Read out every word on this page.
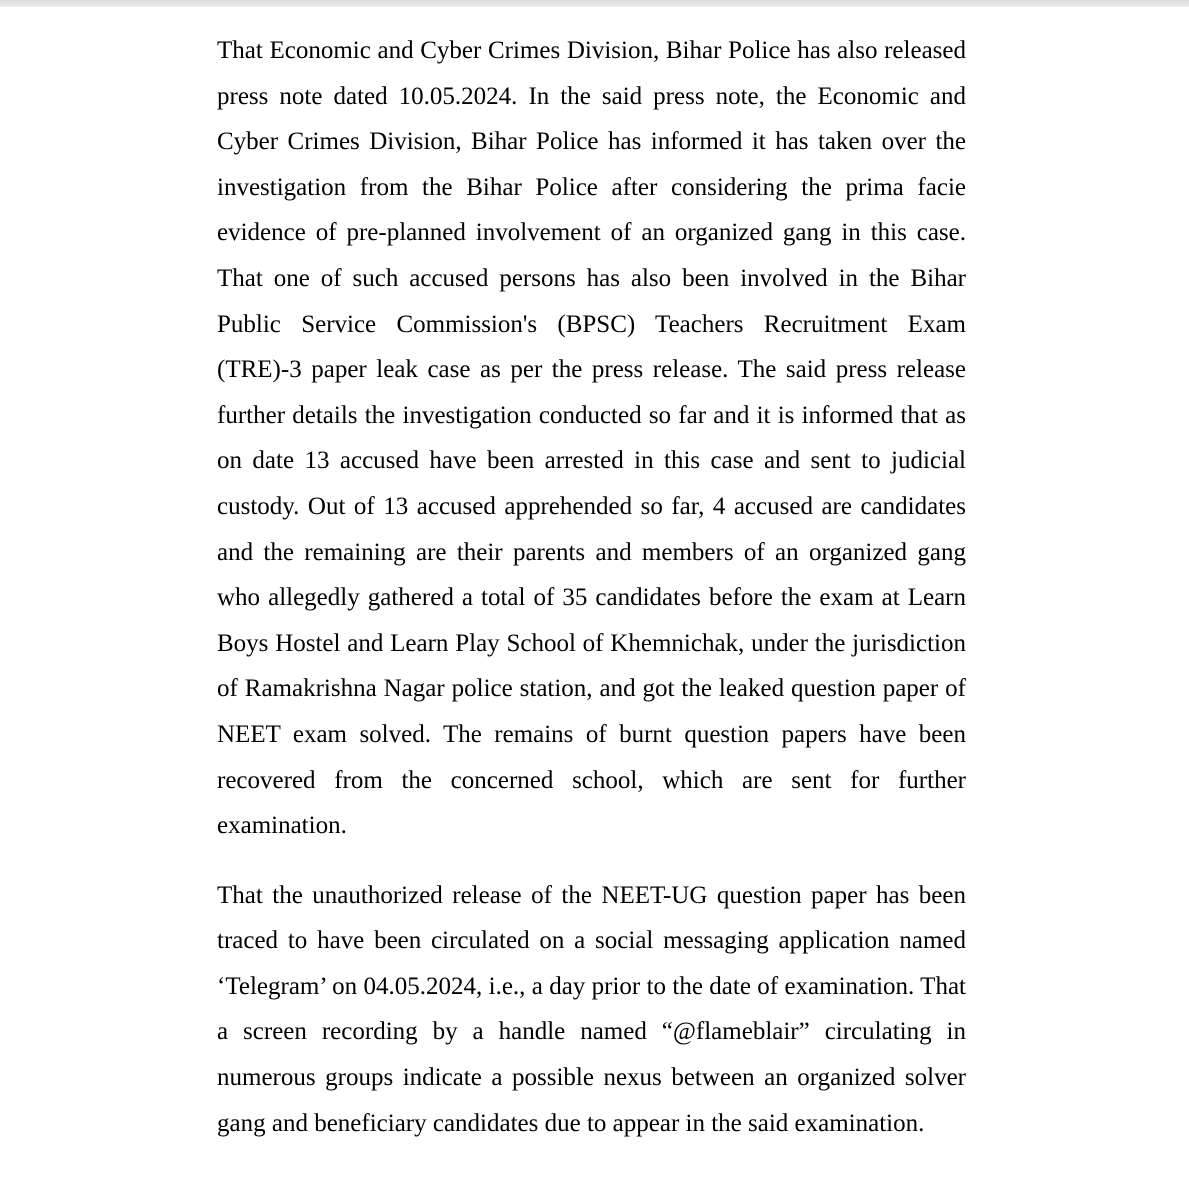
That Economic and Cyber Crimes Division, Bihar Police has also released press note dated 10.05.2024. In the said press note, the Economic and Cyber Crimes Division, Bihar Police has informed it has taken over the investigation from the Bihar Police after considering the prima facie evidence of pre-planned involvement of an organized gang in this case. That one of such accused persons has also been involved in the Bihar Public Service Commission's (BPSC) Teachers Recruitment Exam (TRE)-3 paper leak case as per the press release. The said press release further details the investigation conducted so far and it is informed that as on date 13 accused have been arrested in this case and sent to judicial custody. Out of 13 accused apprehended so far, 4 accused are candidates and the remaining are their parents and members of an organized gang who allegedly gathered a total of 35 candidates before the exam at Learn Boys Hostel and Learn Play School of Khemnichak, under the jurisdiction of Ramakrishna Nagar police station, and got the leaked question paper of NEET exam solved. The remains of burnt question papers have been recovered from the concerned school, which are sent for further examination.

That the unauthorized release of the NEET-UG question paper has been traced to have been circulated on a social messaging application named ‘Telegram’ on 04.05.2024, i.e., a day prior to the date of examination. That a screen recording by a handle named “@flameblair” circulating in numerous groups indicate a possible nexus between an organized solver gang and beneficiary candidates due to appear in the said examination.
